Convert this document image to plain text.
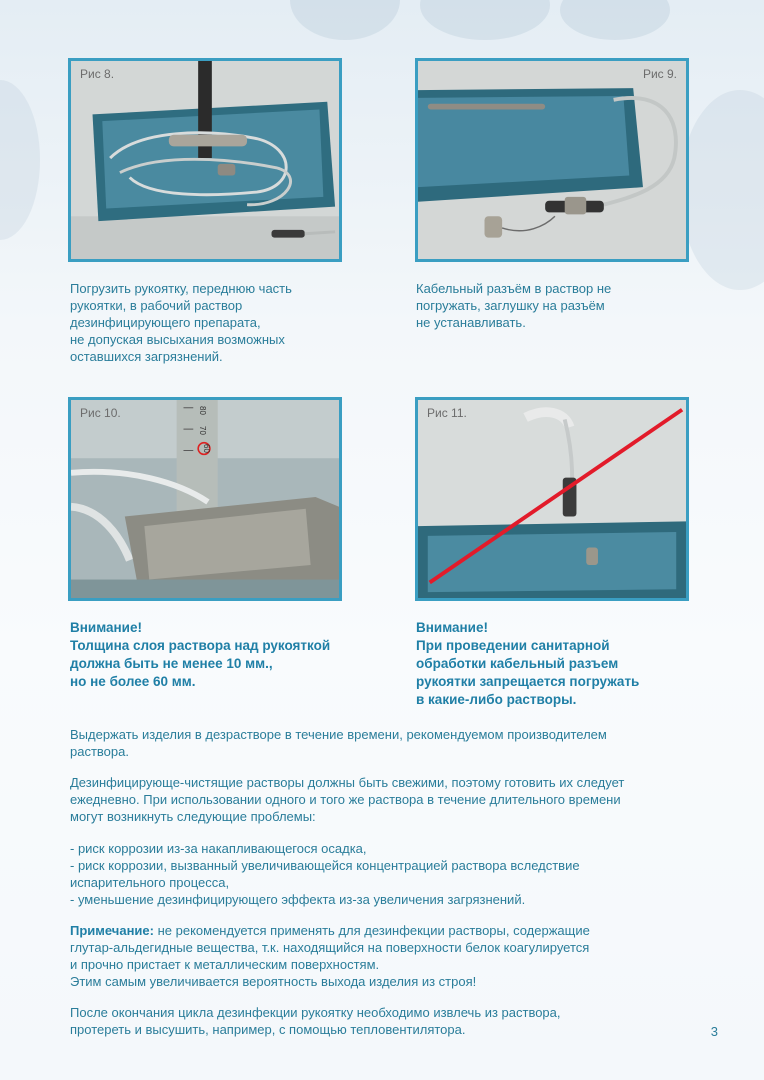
Рис 8.	Рис 9.
Погрузить рукоятку, переднюю часть
рукоятки, в рабочий раствор
дезинфицирующего препарата,
не допуская высыхания возможных
оставшихся загрязнений.
Кабельный разъём в раствор не
погружать, заглушку на разъём
не устанавливать.
Рис 10.	80
70
60
Рис 11.
Внимание!
Толщина слоя раствора над рукояткой
должна быть не менее 10 мм.,
но не более 60 мм.
Внимание!
При проведении санитарной
обработки кабельный разъем
рукоятки запрещается погружать
в какие-либо растворы.

Выдержать изделия в дезрастворе в течение времени, рекомендуемом производителем

раствора.

Дезинфицирующе-чистящие растворы должны быть свежими, поэтому готовить их следует

ежедневно. При использовании одного и того же раствора в течение длительного времени

могут возникнуть следующие проблемы:

- риск коррозии из-за накапливающегося осадка,

- риск коррозии, вызванный увеличивающейся концентрацией раствора вследствие

испарительного процесса,

- уменьшение дезинфицирующего эффекта из-за увеличения загрязнений.

Примечание: не рекомендуется применять для дезинфекции растворы, содержащие

глутар-альдегидные вещества, т.к. находящийся на поверхности белок коагулируется

и прочно пристает к металлическим поверхностям.

Этим самым увеличивается вероятность выхода изделия из строя!

После окончания цикла дезинфекции рукоятку необходимо извлечь из раствора,

протереть и высушить, например, с помощью тепловентилятора.	3
